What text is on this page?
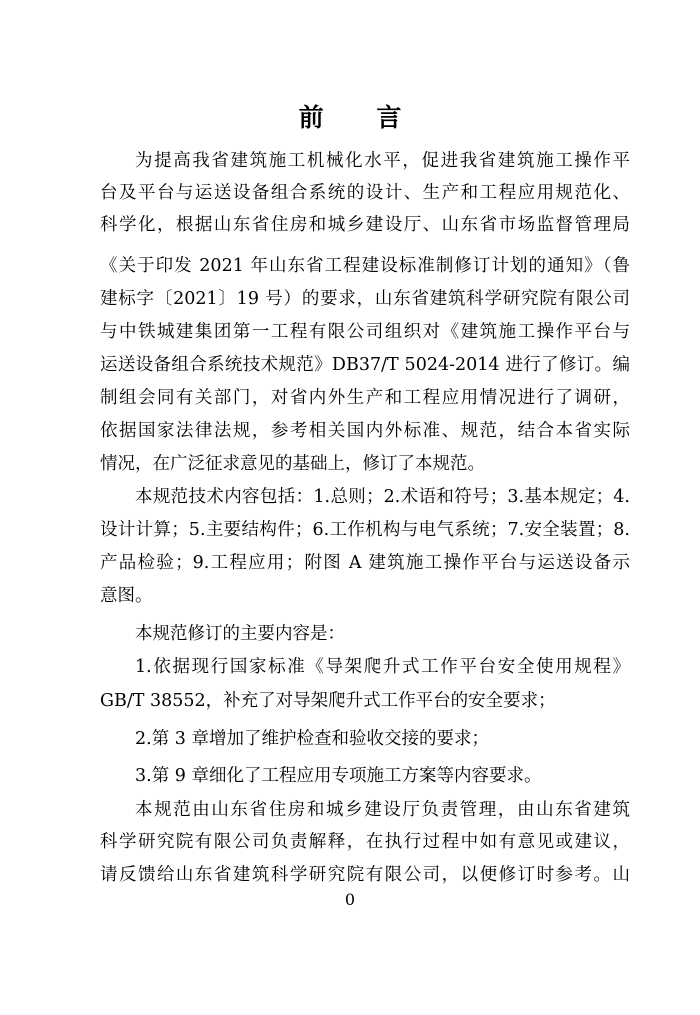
前 言
为提高我省建筑施工机械化水平，促进我省建筑施工操作平
台及平台与运送设备组合系统的设计、生产和工程应用规范化、
科学化，根据山东省住房和城乡建设厅、山东省市场监督管理局
《关于印发 2021 年山东省工程建设标准制修订计划的通知》（鲁
建标字〔2021〕19 号）的要求，山东省建筑科学研究院有限公司
与中铁城建集团第一工程有限公司组织对《建筑施工操作平台与
运送设备组合系统技术规范》DB37/T 5024-2014 进行了修订。编
制组会同有关部门，对省内外生产和工程应用情况进行了调研，
依据国家法律法规，参考相关国内外标准、规范，结合本省实际
情况，在广泛征求意见的基础上，修订了本规范。
本规范技术内容包括：1.总则；2.术语和符号；3.基本规定；4.
设计计算；5.主要结构件；6.工作机构与电气系统；7.安全装置；8.
产品检验；9.工程应用；附图 A 建筑施工操作平台与运送设备示
意图。
本规范修订的主要内容是：
1.依据现行国家标准《导架爬升式工作平台安全使用规程》
GB/T 38552，补充了对导架爬升式工作平台的安全要求；
2.第 3 章增加了维护检查和验收交接的要求；
3.第 9 章细化了工程应用专项施工方案等内容要求。
本规范由山东省住房和城乡建设厅负责管理，由山东省建筑
科学研究院有限公司负责解释，在执行过程中如有意见或建议，
请反馈给山东省建筑科学研究院有限公司，以便修订时参考。山
0
